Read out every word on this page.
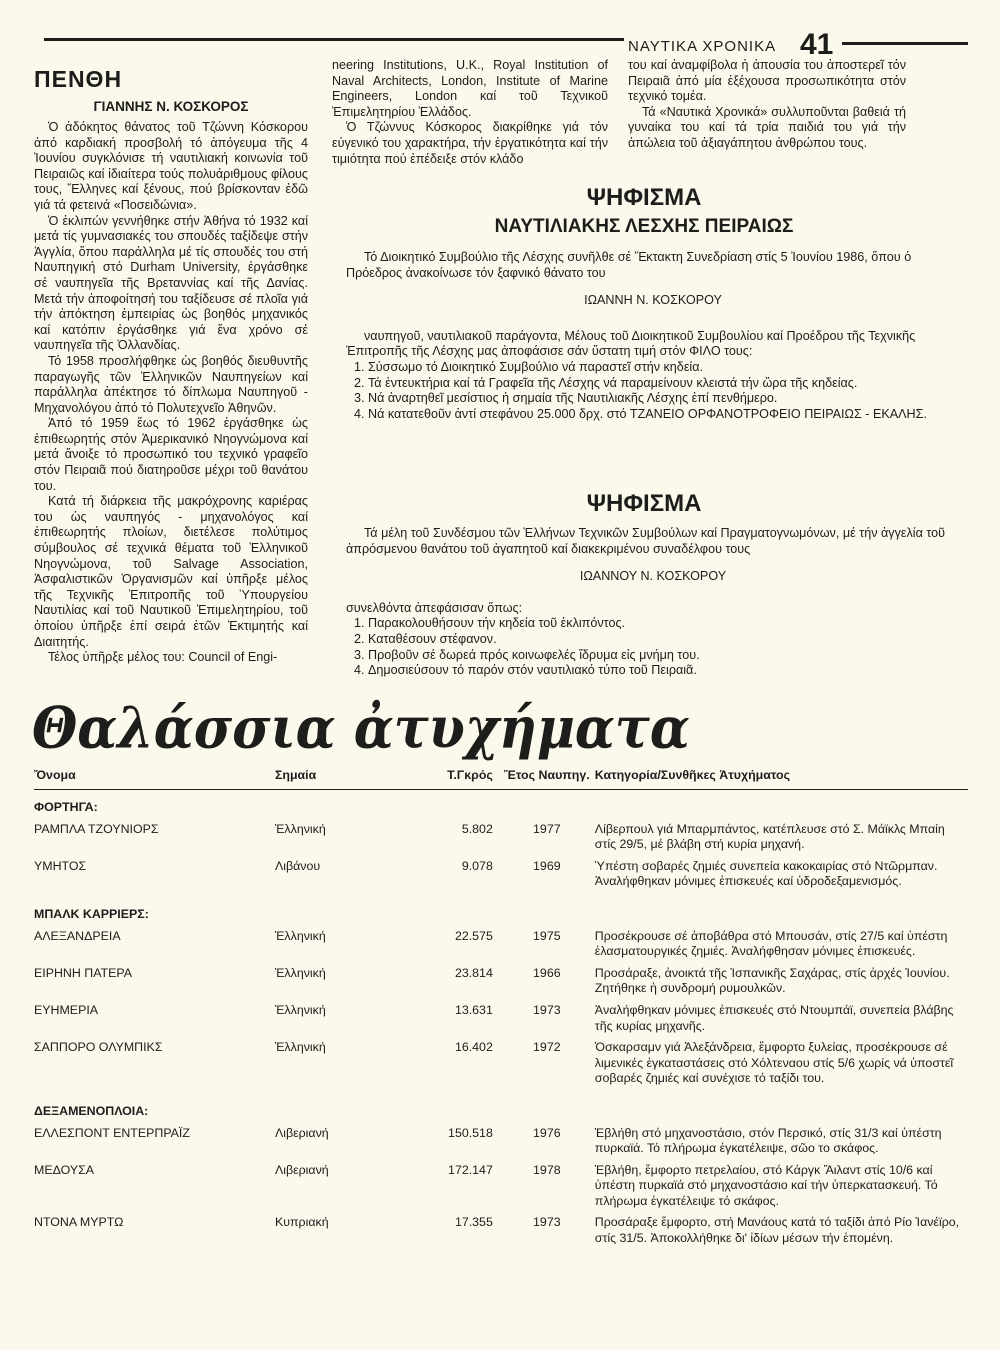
ΝΑΥΤΙΚΑ ΧΡΟΝΙΚΑ 41
ΠΕΝΘΗ
ΓΙΑΝΝΗΣ Ν. ΚΟΣΚΟΡΟΣ

Ὁ ἀδόκητος θάνατος τοῦ Τζώννη Κόσκορου ἀπό καρδιακή προσβολή τό ἀπόγευμα τῆς 4 Ἰουνίου συγκλόνισε τή ναυτιλιακή κοινωνία τοῦ Πειραιῶς καί ἰδιαίτερα τούς πολυάριθμους φίλους τους, Ἕλληνες καί ξένους, πού βρίσκονταν ἐδῶ γιά τά φετεινά «Ποσειδώνια».

Ὁ ἐκλιπών γεννήθηκε στήν Ἀθήνα τό 1932 καί μετά τίς γυμνασιακές του σπουδές ταξίδεψε στήν Ἀγγλία, ὅπου παράλληλα μέ τίς σπουδές του στή Ναυπηγική στό Durham University, ἐργάσθηκε σέ ναυπηγεῖα τῆς Βρεταννίας καί τῆς Δανίας. Μετά τήν ἀποφοίτησή του ταξίδευσε σέ πλοῖα γιά τήν ἀπόκτηση ἐμπειρίας ὡς βοηθός μηχανικός καί κατόπιν ἐργάσθηκε γιά ἕνα χρόνο σέ ναυπηγεῖα τῆς Ὀλλανδίας.

Τό 1958 προσλήφθηκε ὡς βοηθός διευθυντῆς παραγωγῆς τῶν Ἑλληνικῶν Ναυπηγείων καί παράλληλα ἀπέκτησε τό δίπλωμα Ναυπηγοῦ - Μηχανολόγου ἀπό τό Πολυτεχνεῖο Ἀθηνῶν.

Ἀπό τό 1959 ἕως τό 1962 ἐργάσθηκε ὡς ἐπιθεωρητής στόν Ἀμερικανικό Νηογνώμονα καί μετά ἄνοιξε τό προσωπικό του τεχνικό γραφεῖο στόν Πειραιᾶ πού διατηροῦσε μέχρι τοῦ θανάτου του.

Κατά τή διάρκεια τῆς μακρόχρονης καριέρας του ὡς ναυπηγός - μηχανολόγος καί ἐπιθεωρητής πλοίων, διετέλεσε πολύτιμος σύμβουλος σέ τεχνικά θέματα τοῦ Ἑλληνικοῦ Νηογνώμονα, τοῦ Salvage Association, Ἀσφαλιστικῶν Ὀργανισμῶν καί ὑπῆρξε μέλος τῆς Τεχνικῆς Ἐπιτροπῆς τοῦ Ὑπουργείου Ναυτιλίας καί τοῦ Ναυτικοῦ Ἐπιμελητηρίου, τοῦ ὁποίου ὑπῆρξε ἐπί σειρά ἐτῶν Ἐκτιμητής καί Διαιτητής.

Τέλος ὑπῆρξε μέλος του: Council of Engi-

neering Institutions, U.K., Royal Institution of Naval Architects, London, Institute of Marine Engineers, London καί τοῦ Τεχνικοῦ Ἐπιμελητηρίου Ἑλλάδος.

Ὁ Τζώννυς Κόσκορος διακρίθηκε γιά τόν εὐγενικό του χαρακτήρα, τήν ἐργατικότητα καί τήν τιμιότητα πού ἐπέδειξε στόν κλάδο

του καί ἀναμφίβολα ἡ ἀπουσία του ἀποστερεῖ τόν Πειραιᾶ ἀπό μία ἐξέχουσα προσωπικότητα στόν τεχνικό τομέα.

Τά «Ναυτικά Χρονικά» συλλυποῦνται βαθειά τή γυναίκα του καί τά τρία παιδιά του γιά τήν ἀπώλεια τοῦ ἀξιαγάπητου ἀνθρώπου τους.

ΨΗΦΙΣΜΑ
ΝΑΥΤΙΛΙΑΚΗΣ ΛΕΣΧΗΣ ΠΕΙΡΑΙΩΣ

Τό Διοικητικό Συμβούλιο τῆς Λέσχης συνῆλθε σέ Ἔκτακτη Συνεδρίαση στίς 5 Ἰουνίου 1986, ὅπου ὁ Πρόεδρος ἀνακοίνωσε τόν ξαφνικό θάνατο του

ΙΩΑΝΝΗ Ν. ΚΟΣΚΟΡΟΥ

ναυπηγοῦ, ναυτιλιακοῦ παράγοντα, Μέλους τοῦ Διοικητικοῦ Συμβουλίου καί Προέδρου τῆς Τεχνικῆς Ἐπιτροπῆς τῆς Λέσχης μας ἀποφάσισε σάν ὕστατη τιμή στόν ΦΙΛΟ τους:

1. Σύσσωμο τό Διοικητικό Συμβούλιο νά παραστεῖ στήν κηδεία.
2. Τά ἐντευκτήρια καί τά Γραφεῖα τῆς Λέσχης νά παραμείνουν κλειστά τήν ὥρα τῆς κηδείας.
3. Νά ἀναρτηθεῖ μεσίστιος ἡ σημαία τῆς Ναυτιλιακῆς Λέσχης ἐπί πενθήμερο.
4. Νά κατατεθοῦν ἀντί στεφάνου 25.000 δρχ. στό ΤΖΑΝΕΙΟ ΟΡΦΑΝΟΤΡΟΦΕΙΟ ΠΕΙΡΑΙΩΣ - ΕΚΑΛΗΣ.
ΨΗΦΙΣΜΑ

Τά μέλη τοῦ Συνδέσμου τῶν Ἑλλήνων Τεχνικῶν Συμβούλων καί Πραγματογνωμόνων, μέ τήν ἀγγελία τοῦ ἀπρόσμενου θανάτου τοῦ ἀγαπητοῦ καί διακεκριμένου συναδέλφου τους

ΙΩΑΝΝΟΥ Ν. ΚΟΣΚΟΡΟΥ

συνελθόντα ἀπεφάσισαν ὅπως:

1. Παρακολουθήσουν τήν κηδεία τοῦ ἐκλιπόντος.
2. Καταθέσουν στέφανον.
3. Προβοῦν σέ δωρεά πρός κοινωφελές ἵδρυμα εἰς μνήμη του.
4. Δημοσιεύσουν τό παρόν στόν ναυτιλιακό τύπο τοῦ Πειραιᾶ.
Θαλάσσια ἀτυχήματα
Ὄνομα	Σημαία	Τ.Γκρός	Ἔτος Ναυπηγ.	Κατηγορία/Συνθῆκες Ἀτυχήματος
ΦΟΡΤΗΓΑ:				
ΡΑΜΠΛΑ ΤΖΟΥΝΙΟΡΣ	Ἑλληνική	5.802	1977	Λίβερπουλ γιά Μπαρμπάντος, κατέπλευσε στό Σ. Μάϊκλς Μπαίη στίς 29/5, μέ βλάβη στή κυρία μηχανή.
ΥΜΗΤΟΣ	Λιβάνου	9.078	1969	Ὑπέστη σοβαρές ζημιές συνεπεία κακοκαιρίας στό Ντῶρμπαν. Ἀναλήφθηκαν μόνιμες ἐπισκευές καί ὑδροδεξαμενισμός.
ΜΠΑΛΚ ΚΑΡΡΙΕΡΣ:				
ΑΛΕΞΑΝΔΡΕΙΑ	Ἑλληνική	22.575	1975	Προσέκρουσε σέ ἀποβάθρα στό Μπουσάν, στίς 27/5 καί ὑπέστη ἐλασματουργικές ζημιές. Ἀναλήφθησαν μόνιμες ἐπισκευές.
ΕΙΡΗΝΗ ΠΑΤΕΡΑ	Ἑλληνική	23.814	1966	Προσάραξε, ἀνοικτά τῆς Ἱσπανικῆς Σαχάρας, στίς ἀρχές Ἰουνίου. Ζητήθηκε ἡ συνδρομή ρυμουλκῶν.
ΕΥΗΜΕΡΙΑ	Ἑλληνική	13.631	1973	Ἀναλήφθηκαν μόνιμες ἐπισκευές στό Ντουμπάϊ, συνεπεία βλάβης τῆς κυρίας μηχανῆς.
ΣΑΠΠΟΡΟ ΟΛΥΜΠΙΚΣ	Ἑλληνική	16.402	1972	Ὀσκαρσαμν γιά Ἀλεξάνδρεια, ἔμφορτο ξυλείας, προσέκρουσε σέ λιμενικές ἐγκαταστάσεις στό Χόλτεναου στίς 5/6 χωρίς νά ὑποστεῖ σοβαρές ζημιές καί συνέχισε τό ταξίδι του.
ΔΕΞΑΜΕΝΟΠΛΟΙΑ:				
ΕΛΛΕΣΠΟΝΤ ΕΝΤΕΡΠΡΑΪΖ	Λιβεριανή	150.518	1976	Ἐβλήθη στό μηχανοστάσιο, στόν Περσικό, στίς 31/3 καί ὑπέστη πυρκαϊά. Τό πλήρωμα ἐγκατέλειψε, σῶο το σκάφος.
ΜΕΔΟΥΣΑ	Λιβεριανή	172.147	1978	Ἐβλήθη, ἔμφορτο πετρελαίου, στό Κάργκ Ἄιλαντ στίς 10/6 καί ὑπέστη πυρκαϊά στό μηχανοστάσιο καί τήν ὑπερκατασκευή. Τό πλήρωμα ἐγκατέλειψε τό σκάφος.
ΝΤΟΝΑ ΜΥΡΤΩ	Κυπριακή	17.355	1973	Προσάραξε ἔμφορτο, στή Μανάους κατά τό ταξίδι ἀπό Ρίο Ἰανέϊρο, στίς 31/5. Ἀποκολλήθηκε δι' ἰδίων μέσων τήν ἑπομένη.
